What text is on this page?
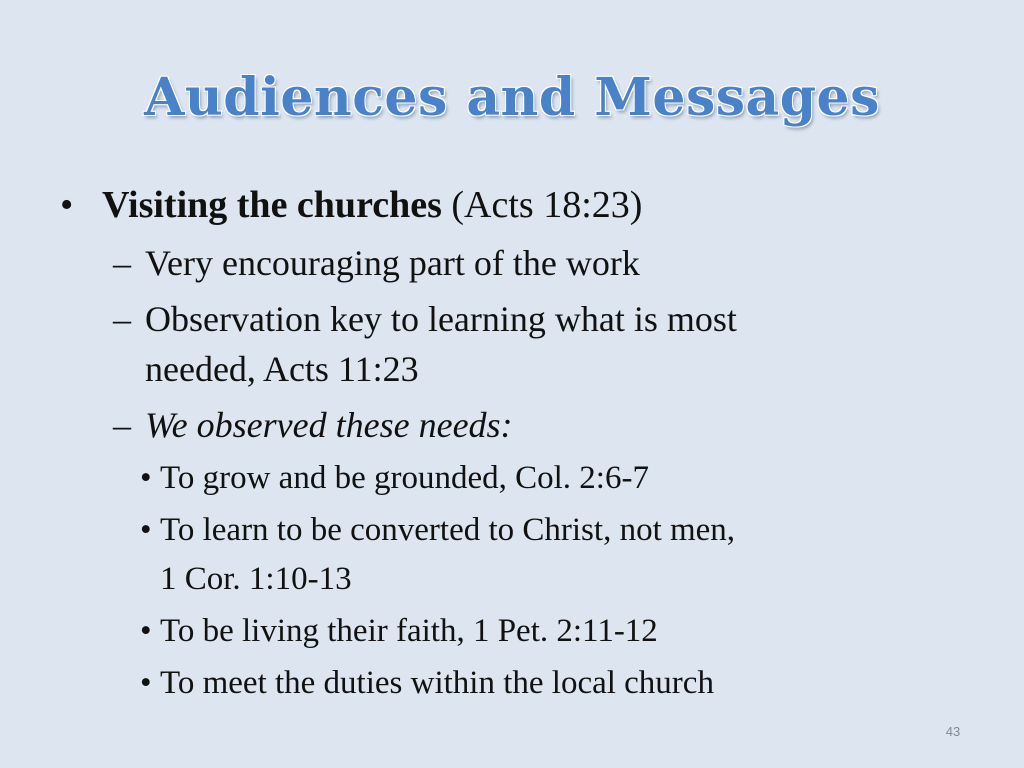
Audiences and Messages
• Visiting the churches (Acts 18:23)
– Very encouraging part of the work
– Observation key to learning what is most
needed, Acts 11:23
– We observed these needs:
• To grow and be grounded, Col. 2:6-7
• To learn to be converted to Christ, not men,
1 Cor. 1:10-13
• To be living their faith, 1 Pet. 2:11-12
• To meet the duties within the local church
43
